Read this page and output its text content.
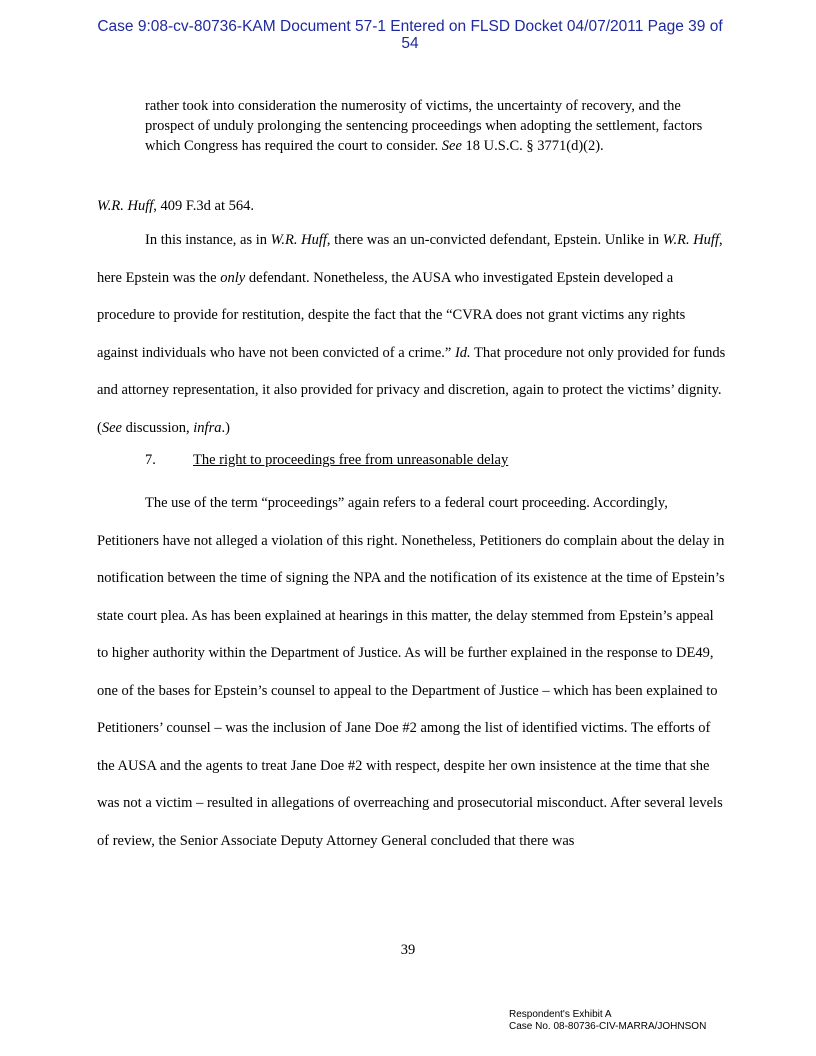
Case 9:08-cv-80736-KAM Document 57-1 Entered on FLSD Docket 04/07/2011 Page 39 of
54
rather took into consideration the numerosity of victims, the uncertainty of recovery, and the prospect of unduly prolonging the sentencing proceedings when adopting the settlement, factors which Congress has required the court to consider. See 18 U.S.C. § 3771(d)(2).
W.R. Huff, 409 F.3d at 564.
In this instance, as in W.R. Huff, there was an un-convicted defendant, Epstein. Unlike in W.R. Huff, here Epstein was the only defendant. Nonetheless, the AUSA who investigated Epstein developed a procedure to provide for restitution, despite the fact that the “CVRA does not grant victims any rights against individuals who have not been convicted of a crime.” Id. That procedure not only provided for funds and attorney representation, it also provided for privacy and discretion, again to protect the victims’ dignity. (See discussion, infra.)
7.	The right to proceedings free from unreasonable delay
The use of the term “proceedings” again refers to a federal court proceeding. Accordingly, Petitioners have not alleged a violation of this right. Nonetheless, Petitioners do complain about the delay in notification between the time of signing the NPA and the notification of its existence at the time of Epstein’s state court plea. As has been explained at hearings in this matter, the delay stemmed from Epstein’s appeal to higher authority within the Department of Justice. As will be further explained in the response to DE49, one of the bases for Epstein’s counsel to appeal to the Department of Justice – which has been explained to Petitioners’ counsel – was the inclusion of Jane Doe #2 among the list of identified victims. The efforts of the AUSA and the agents to treat Jane Doe #2 with respect, despite her own insistence at the time that she was not a victim – resulted in allegations of overreaching and prosecutorial misconduct. After several levels of review, the Senior Associate Deputy Attorney General concluded that there was
39
Respondent's Exhibit A
Case No. 08-80736-CIV-MARRA/JOHNSON
